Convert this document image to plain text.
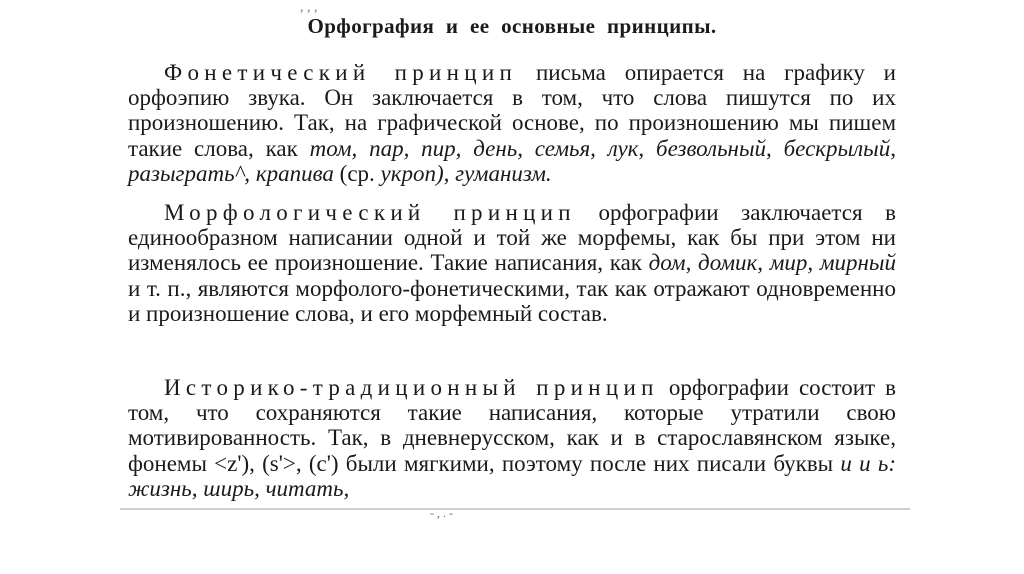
, , ,
Орфография и ее основные принципы.
Фонетический принцип письма опирается на графику и орфоэпию звука. Он заключается в том, что слова пишутся по их произношению. Так, на графической основе, по произношению мы пишем такие слова, как том, пар, пир, день, семья, лук, безвольный, бескрылый, разыграть^, крапива (ср. укроп), гуманизм.
Морфологический принцип орфографии заключается в единообразном написании одной и той же морфемы, как бы при этом ни изменялось ее произношение. Такие написания, как дом, домик, мир, мирный и т. п., являются морфолого-фонетическими, так как отражают одновременно и произношение слова, и его морфемный состав.
Историко-традиционный принцип орфографии состоит в том, что сохраняются такие написания, которые утратили свою мотивированность. Так, в дневнерусском, как и в старославянском языке, фонемы <z'), (s'>, (c') были мягкими, поэтому после них писали буквы и и ь: жизнь, ширь, читать,
- , . -
